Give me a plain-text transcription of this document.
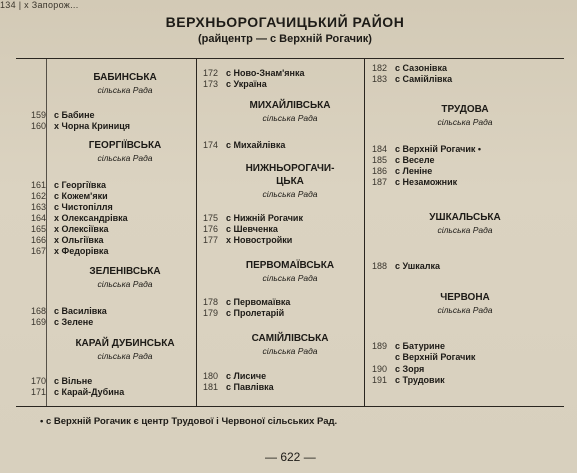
134 | х Запорож...
ВЕРХНЬОРОГАЧИЦЬКИЙ РАЙОН
(райцентр — с Верхній Рогачик)
БАБИНСЬКА
сільська Рада
ГЕОРГІЇВСЬКА
сільська Рада
ЗЕЛЕНІВСЬКА
сільська Рада
КАРАЙ ДУБИНСЬКА
сільська Рада
МИХАЙЛІВСЬКА
сільська Рада
НИЖНЬОРОГАЧИ-
ЦЬКА
сільська Рада
ПЕРВОМАЇВСЬКА
сільська Рада
САМІЙЛІВСЬКА
сільська Рада
ТРУДОВА
сільська Рада
УШКАЛЬСЬКА
сільська Рада
ЧЕРВОНА
сільська Рада
159 с Бабине
160 х Чорна Криниця
161 с Георгіївка
162 с Кожем'яки
163 с Чистопілля
164 х Олександрівка
165 х Олексіївка
166 х Ольгіївка
167 х Федорівка
168 с Василівка
169 с Зелене
170 с Вільне
171 с Карай-Дубина
172 с Ново-Знам'янка
173 с Україна
174 с Михайлівка
175 с Нижній Рогачик
176 с Шевченка
177 х Новостройки
178 с Первомаївка
179 с Пролетарій
180 с Лисиче
181 с Павлівка
182 с Сазонівка
183 с Самійлівка
184 с Верхній Рогачик •
185 с Веселе
186 с Леніне
187 с Незаможник
188 с Ушкалка
189 с Батурине
с Верхній Рогачик
190 с Зоря
191 с Трудовик
• с Верхній Рогачик є центр Трудової і Червоної сільських Рад.
— 622 —
